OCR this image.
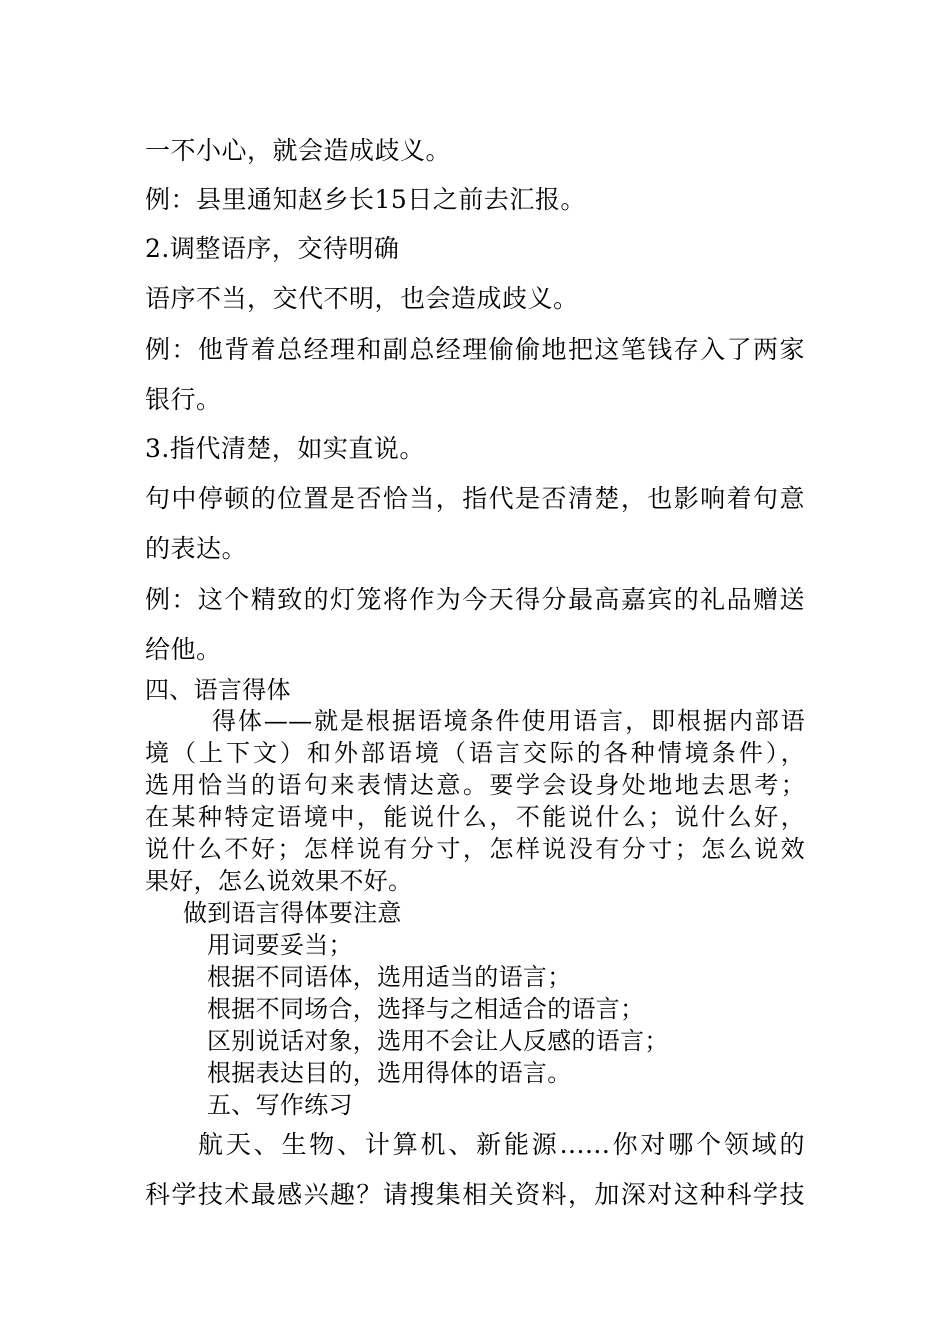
一不小心，就会造成歧义。
例：县里通知赵乡长15日之前去汇报。
2.调整语序，交待明确
语序不当，交代不明，也会造成歧义。
例：他背着总经理和副总经理偷偷地把这笔钱存入了两家
银行。
3.指代清楚，如实直说。
句中停顿的位置是否恰当，指代是否清楚，也影响着句意
的表达。
例：这个精致的灯笼将作为今天得分最高嘉宾的礼品赠送
给他。
四、语言得体
得体——就是根据语境条件使用语言，即根据内部语
境（上下文）和外部语境（语言交际的各种情境条件），
选用恰当的语句来表情达意。要学会设身处地地去思考；
在某种特定语境中，能说什么，不能说什么；说什么好，
说什么不好；怎样说有分寸，怎样说没有分寸；怎么说效
果好，怎么说效果不好。
做到语言得体要注意
用词要妥当；
根据不同语体，选用适当的语言；
根据不同场合，选择与之相适合的语言；
区别说话对象，选用不会让人反感的语言；
根据表达目的，选用得体的语言。
五、写作练习
航天、生物、计算机、新能源......你对哪个领域的
科学技术最感兴趣？请搜集相关资料，加深对这种科学技
